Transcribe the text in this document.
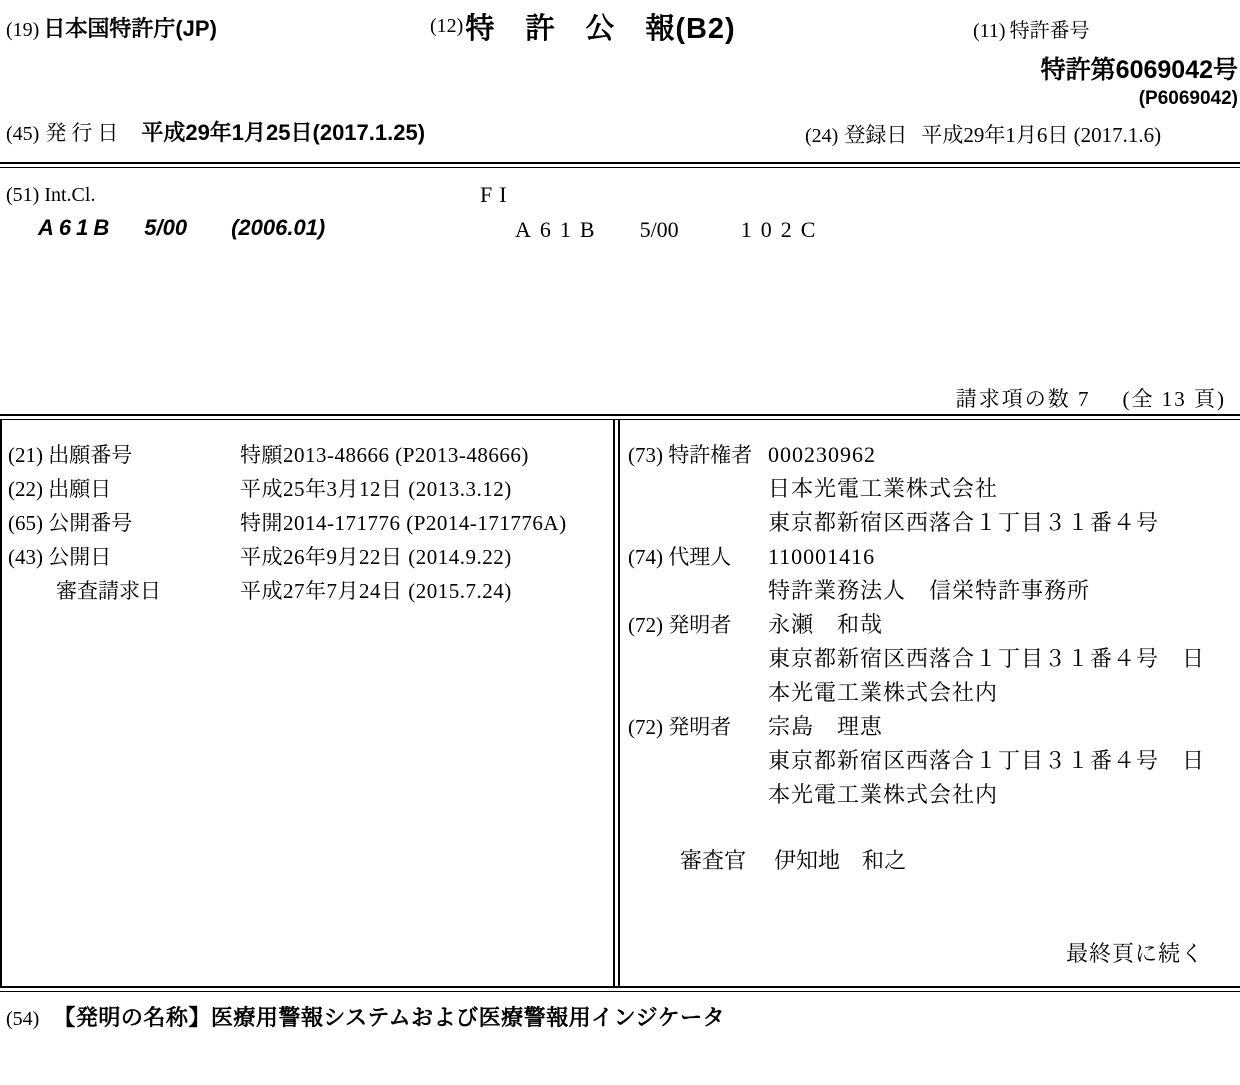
(19) 日本国特許庁(JP)	(12) 特　許　公　報(B2)	(11) 特許番号
特許第6069042号
(P6069042)
(45) 発行日 平成29年1月25日(2017.1.25)	(24) 登録日 平成29年1月6日 (2017.1.6)
(51) Int.Cl.	FI
A61B 5/00 (2006.01)	A61B 5/00	102C
請求項の数 7 (全 13 頁)
(21) 出願番号	特願2013-48666 (P2013-48666)
(22) 出願日	平成25年3月12日 (2013.3.12)
(65) 公開番号	特開2014-171776 (P2014-171776A)
(43) 公開日	平成26年9月22日 (2014.9.22)
審査請求日	平成27年7月24日 (2015.7.24)
(73) 特許権者 000230962
日本光電工業株式会社
東京都新宿区西落合１丁目３１番４号
(74) 代理人 110001416
特許業務法人　信栄特許事務所
(72) 発明者 永瀬　和哉
東京都新宿区西落合１丁目３１番４号　日
本光電工業株式会社内
(72) 発明者 宗島　理恵
東京都新宿区西落合１丁目３１番４号　日
本光電工業株式会社内
審査官 伊知地　和之
最終頁に続く
(54) 【発明の名称】医療用警報システムおよび医療警報用インジケータ
